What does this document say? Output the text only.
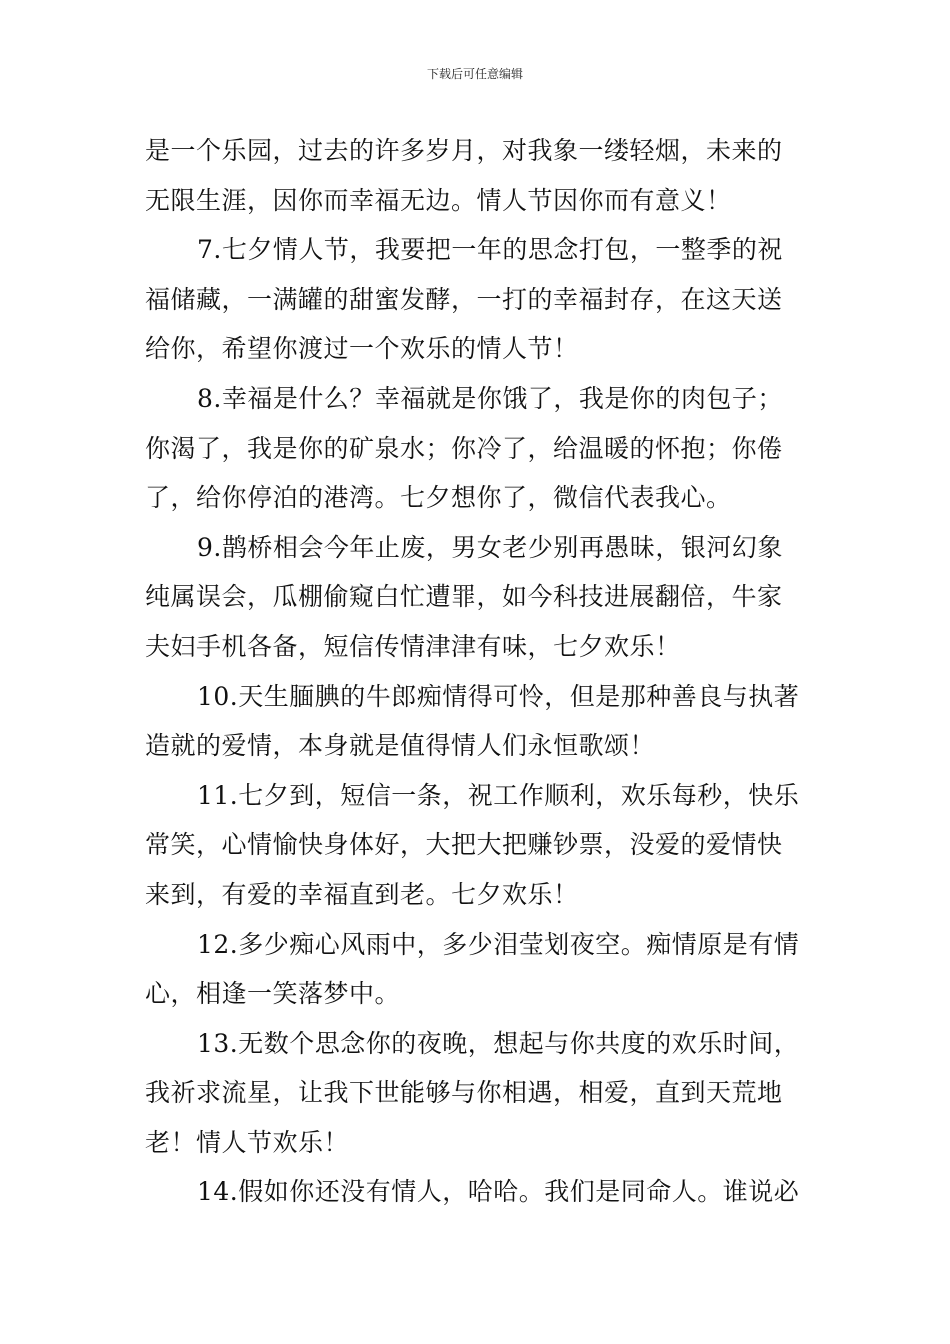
下载后可任意编辑
是一个乐园，过去的许多岁月，对我象一缕轻烟，未来的
无限生涯，因你而幸福无边。情人节因你而有意义！
7.七夕情人节，我要把一年的思念打包，一整季的祝
福储藏，一满罐的甜蜜发酵，一打的幸福封存，在这天送
给你，希望你渡过一个欢乐的情人节！
8.幸福是什么？幸福就是你饿了，我是你的肉包子；
你渴了，我是你的矿泉水；你冷了，给温暖的怀抱；你倦
了，给你停泊的港湾。七夕想你了，微信代表我心。
9.鹊桥相会今年止废，男女老少别再愚昧，银河幻象
纯属误会，瓜棚偷窥白忙遭罪，如今科技进展翻倍，牛家
夫妇手机各备，短信传情津津有味，七夕欢乐！
10.天生腼腆的牛郎痴情得可怜，但是那种善良与执著
造就的爱情，本身就是值得情人们永恒歌颂！
11.七夕到，短信一条，祝工作顺利，欢乐每秒，快乐
常笑，心情愉快身体好，大把大把赚钞票，没爱的爱情快
来到，有爱的幸福直到老。七夕欢乐！
12.多少痴心风雨中，多少泪莹划夜空。痴情原是有情
心，相逢一笑落梦中。
13.无数个思念你的夜晚，想起与你共度的欢乐时间，
我祈求流星，让我下世能够与你相遇，相爱，直到天荒地
老！情人节欢乐！
14.假如你还没有情人，哈哈。我们是同命人。谁说必
